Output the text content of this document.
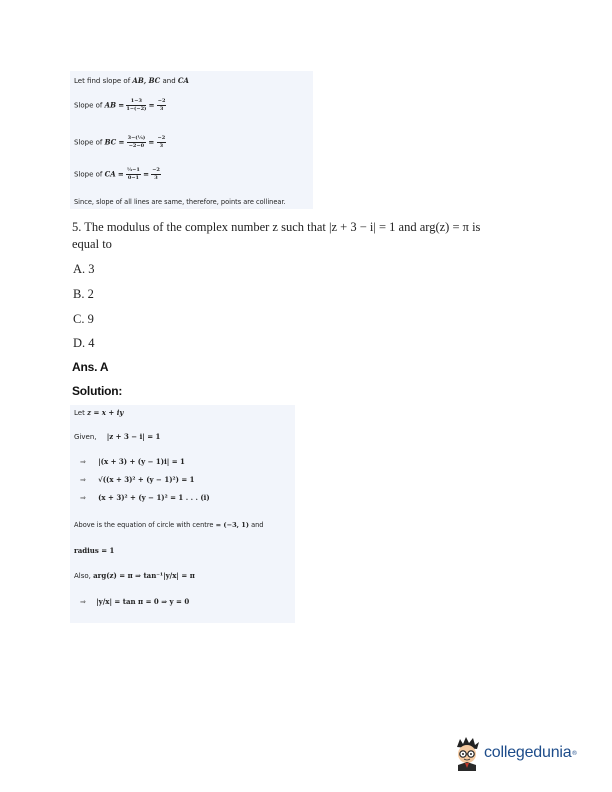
Let find slope of AB, BC and CA
Slope of AB = $\frac{1-3}{1-(-2)} = \frac{-2}{3}$
Slope of BC = $\frac{\text{3−(⅓)}}{-2-0} = \frac{-2}{3}$
Slope of CA = $\frac{\text{⅓−1}}{0-1} = \frac{-2}{3}$
Since, slope of all lines are same, therefore, points are collinear.
5. The modulus of the complex number z such that |z + 3 − i| = 1 and arg(z) = π is
equal to
A. 3
B. 2
C. 9
D. 4
Ans. A
Solution:
Let z = x + iy
Given, |z + 3 − i| = 1
⇒ |(x + 3) + (y − 1)i| = 1
⇒ √((x + 3)² + (y − 1)²) = 1
⇒ (x + 3)² + (y − 1)² = 1 . . . (i)
Above is the equation of circle with centre = (−3, 1) and
radius = 1
Also, arg(z) = π ⇒ tan⁻¹|y/x| = π
⇒ |y/x| = tan π = 0 ⇒ y = 0
collegedunia ®
